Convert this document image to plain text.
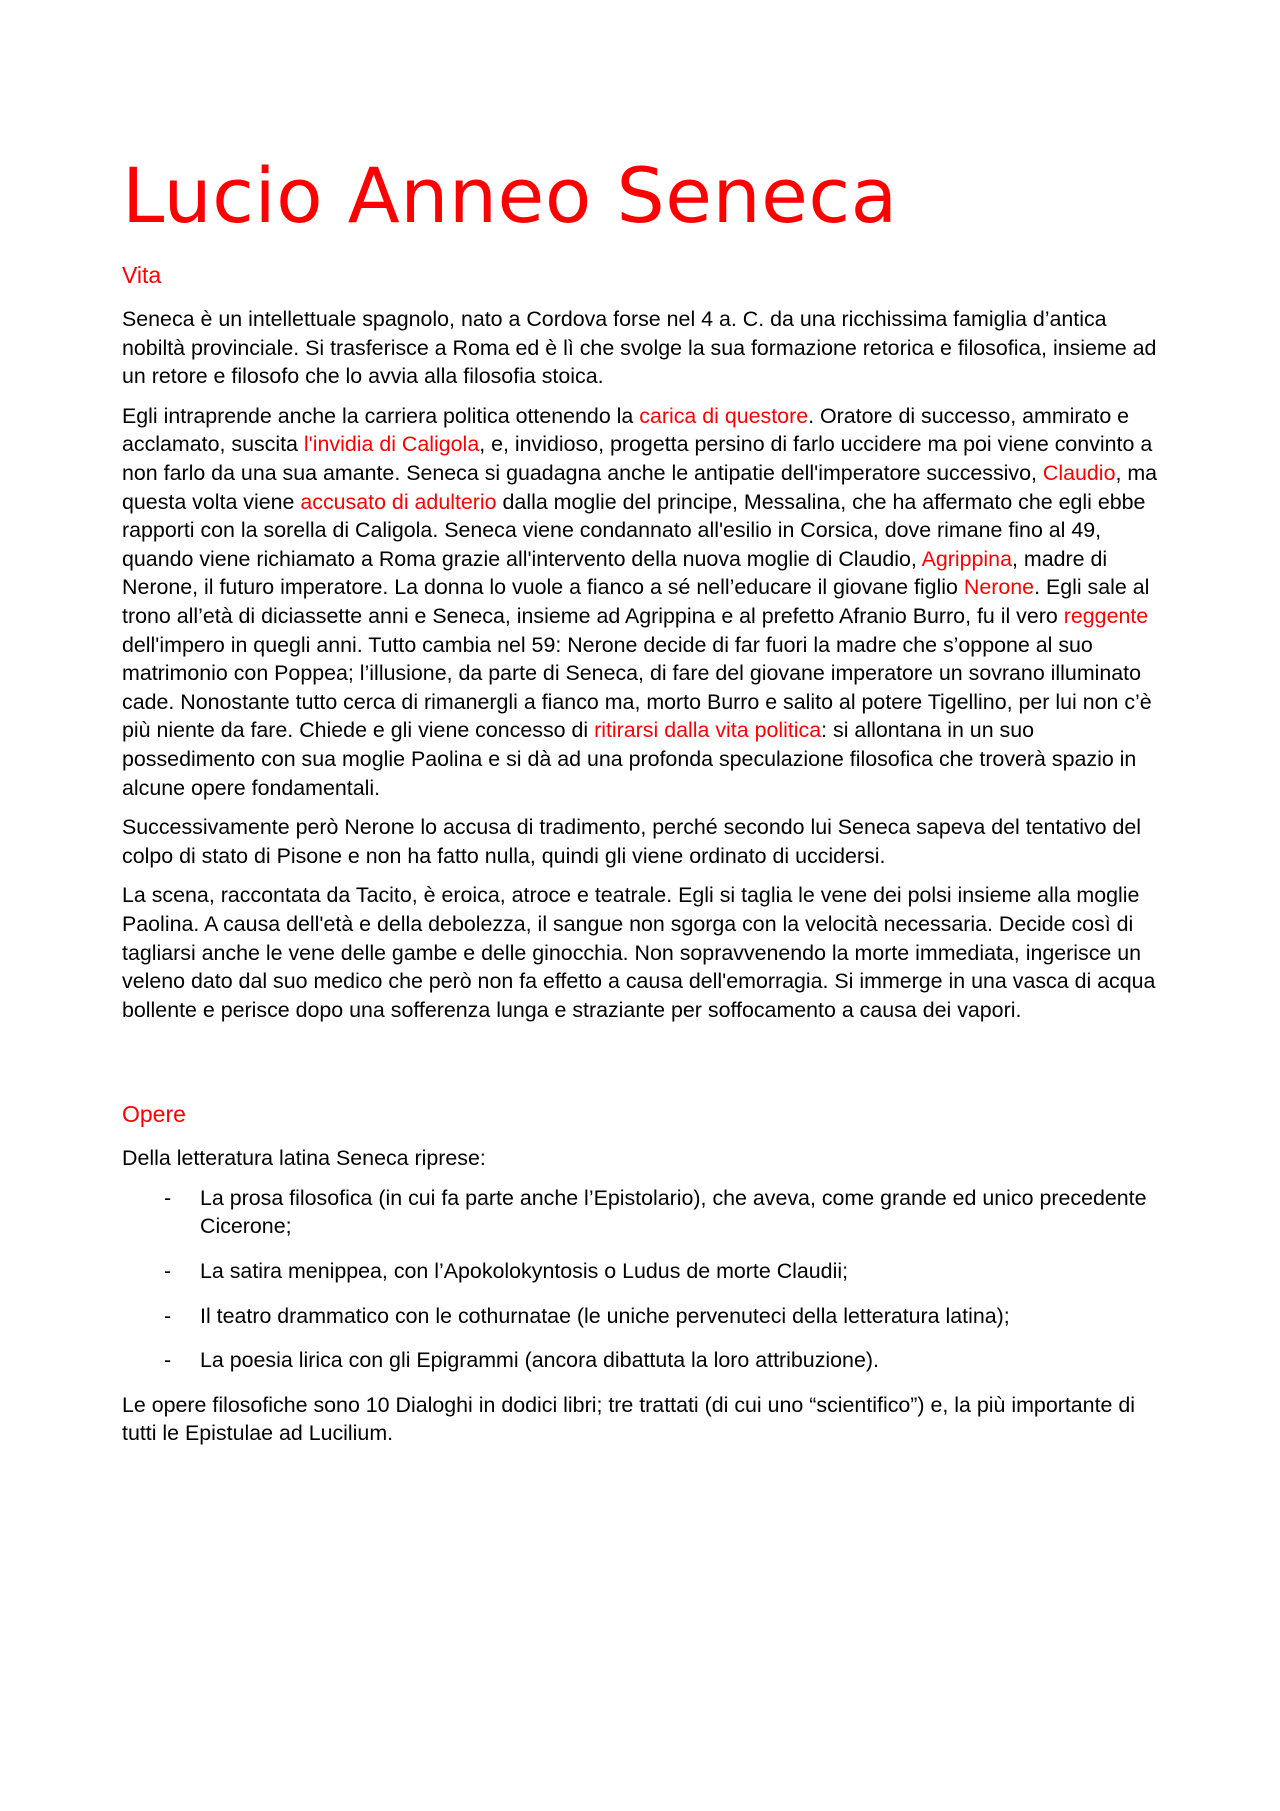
Lucio Anneo Seneca
Vita

Seneca è un intellettuale spagnolo, nato a Cordova forse nel 4 a. C. da una ricchissima famiglia d’antica nobiltà provinciale. Si trasferisce a Roma ed è lì che svolge la sua formazione retorica e filosofica, insieme ad un retore e filosofo che lo avvia alla filosofia stoica.

Egli intraprende anche la carriera politica ottenendo la carica di questore. Oratore di successo, ammirato e acclamato, suscita l'invidia di Caligola, e, invidioso, progetta persino di farlo uccidere ma poi viene convinto a non farlo da una sua amante. Seneca si guadagna anche le antipatie dell'imperatore successivo, Claudio, ma questa volta viene accusato di adulterio dalla moglie del principe, Messalina, che ha affermato che egli ebbe rapporti con la sorella di Caligola. Seneca viene condannato all'esilio in Corsica, dove rimane fino al 49, quando viene richiamato a Roma grazie all'intervento della nuova moglie di Claudio, Agrippina, madre di Nerone, il futuro imperatore. La donna lo vuole a fianco a sé nell’educare il giovane figlio Nerone. Egli sale al trono all’età di diciassette anni e Seneca, insieme ad Agrippina e al prefetto Afranio Burro, fu il vero reggente dell'impero in quegli anni. Tutto cambia nel 59: Nerone decide di far fuori la madre che s’oppone al suo matrimonio con Poppea; l’illusione, da parte di Seneca, di fare del giovane imperatore un sovrano illuminato cade. Nonostante tutto cerca di rimanergli a fianco ma, morto Burro e salito al potere Tigellino, per lui non c’è più niente da fare. Chiede e gli viene concesso di ritirarsi dalla vita politica: si allontana in un suo possedimento con sua moglie Paolina e si dà ad una profonda speculazione filosofica che troverà spazio in alcune opere fondamentali.

Successivamente però Nerone lo accusa di tradimento, perché secondo lui Seneca sapeva del tentativo del colpo di stato di Pisone e non ha fatto nulla, quindi gli viene ordinato di uccidersi.

La scena, raccontata da Tacito, è eroica, atroce e teatrale. Egli si taglia le vene dei polsi insieme alla moglie Paolina. A causa dell'età e della debolezza, il sangue non sgorga con la velocità necessaria. Decide così di tagliarsi anche le vene delle gambe e delle ginocchia. Non sopravvenendo la morte immediata, ingerisce un veleno dato dal suo medico che però non fa effetto a causa dell'emorragia. Si immerge in una vasca di acqua bollente e perisce dopo una sofferenza lunga e straziante per soffocamento a causa dei vapori.

Opere

Della letteratura latina Seneca riprese:

- La prosa filosofica (in cui fa parte anche l’Epistolario), che aveva, come grande ed unico precedente Cicerone;
- La satira menippea, con l’Apokolokyntosis o Ludus de morte Claudii;
- Il teatro drammatico con le cothurnatae (le uniche pervenuteci della letteratura latina);
- La poesia lirica con gli Epigrammi (ancora dibattuta la loro attribuzione).

Le opere filosofiche sono 10 Dialoghi in dodici libri; tre trattati (di cui uno “scientifico”) e, la più importante di tutti le Epistulae ad Lucilium.
